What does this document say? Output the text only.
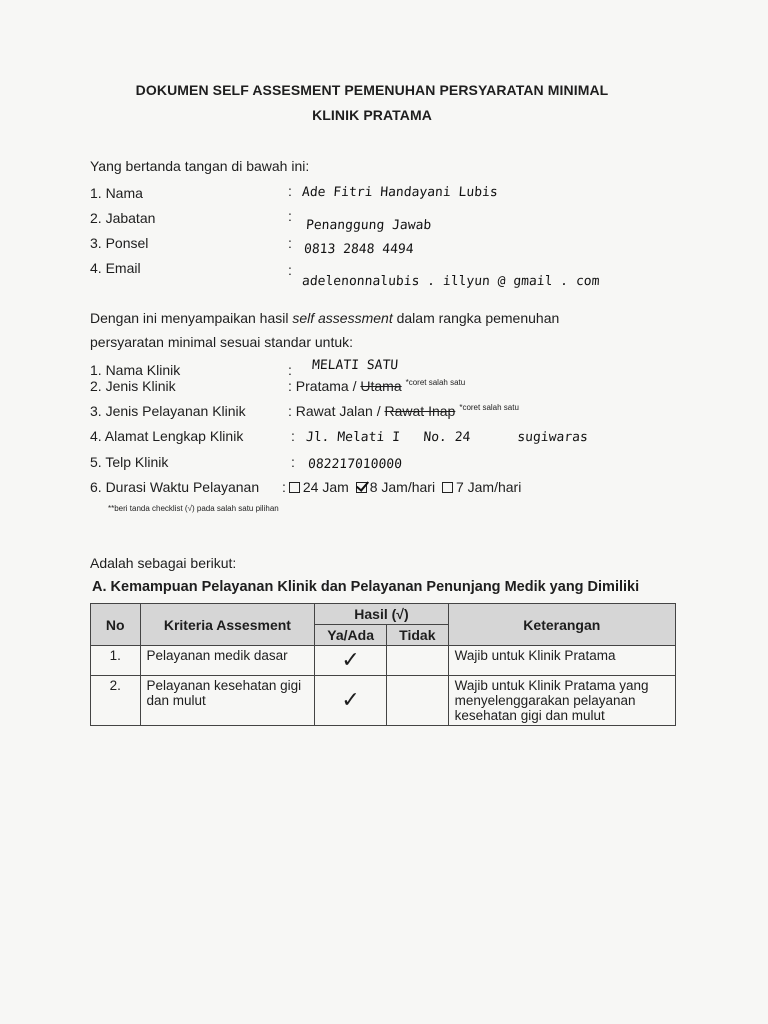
DOKUMEN SELF ASSESMENT PEMENUHAN PERSYARATAN MINIMAL
KLINIK PRATAMA
Yang bertanda tangan di bawah ini:
1. Nama	: Ade Fitri Handayani Lubis
2. Jabatan	:
Penanggung Jawab
3. Ponsel	: 0813 2848 4494
4. Email	:
adelenonnalubis . illyun @ gmail . com
Dengan ini menyampaikan hasil self assessment dalam rangka pemenuhan
persyaratan minimal sesuai standar untuk:
1. Nama Klinik	: MELATI SATU
2. Jenis Klinik	: Pratama / Utama $^{*coret salah satu}$
3. Jenis Pelayanan Klinik	: Rawat Jalan / Rawat Inap $^{*coret salah satu}$
4. Alamat Lengkap Klinik	: Jl. Melati I   No. 24      sugiwaras
5. Telp Klinik	: 082217010000
6. Durasi Waktu Pelayanan : 24 Jam 8 Jam/hari 7 Jam/hari
**beri tanda checklist (√) pada salah satu pilihan
Adalah sebagai berikut:
A. Kemampuan Pelayanan Klinik dan Pelayanan Penunjang Medik yang Dimiliki
No	Kriteria Assesment	Hasil (√)		Keterangan
		Ya/Ada	Tidak	
1.	Pelayanan medik dasar	✓		Wajib untuk Klinik Pratama
2.	Pelayanan kesehatan gigi dan mulut	✓		Wajib untuk Klinik Pratama yang menyelenggarakan pelayanan kesehatan gigi dan mulut
